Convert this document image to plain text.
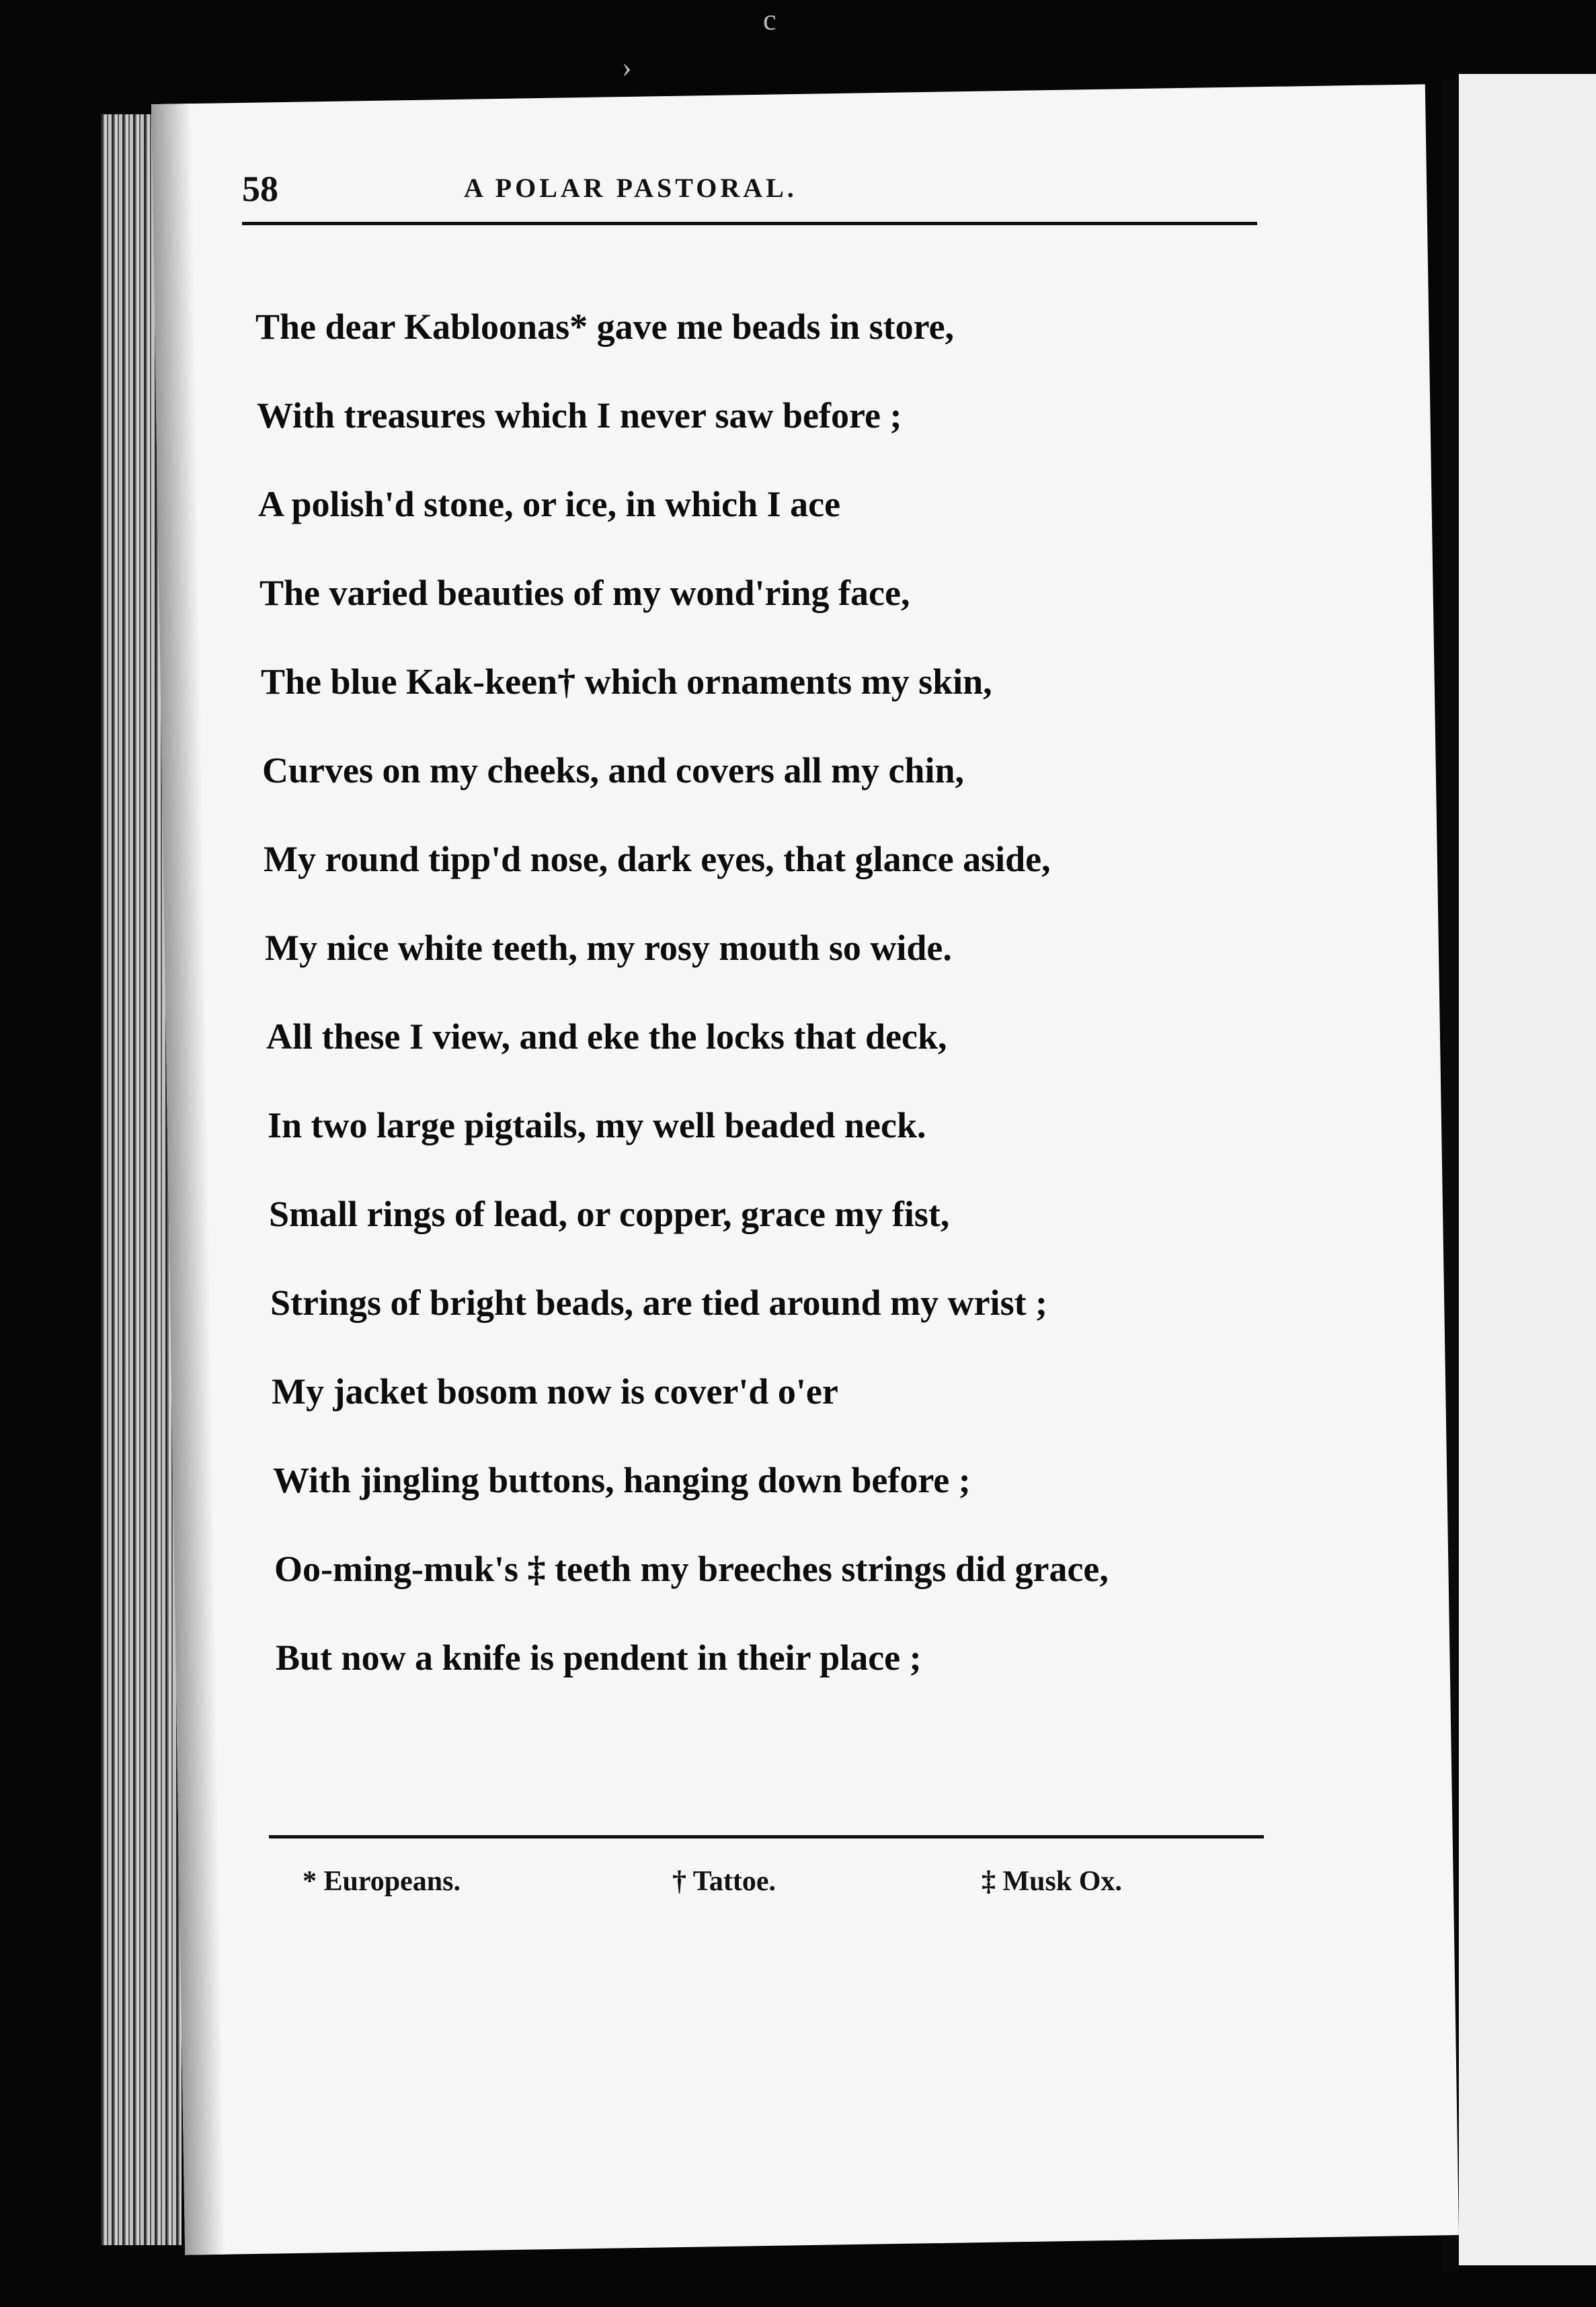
c
›
58	A POLAR PASTORAL.
The dear Kabloonas* gave me beads in store,
With treasures which I never saw before ;
A polish'd stone, or ice, in which I ace
The varied beauties of my wond'ring face,
The blue Kak-keen† which ornaments my skin,
Curves on my cheeks, and covers all my chin,
My round tipp'd nose, dark eyes, that glance aside,
My nice white teeth, my rosy mouth so wide.
All these I view, and eke the locks that deck,
In two large pigtails, my well beaded neck.
Small rings of lead, or copper, grace my fist,
Strings of bright beads, are tied around my wrist ;
My jacket bosom now is cover'd o'er
With jingling buttons, hanging down before ;
Oo-ming-muk's ‡ teeth my breeches strings did grace,
But now a knife is pendent in their place ;
* Europeans.	† Tattoe.	‡ Musk Ox.
